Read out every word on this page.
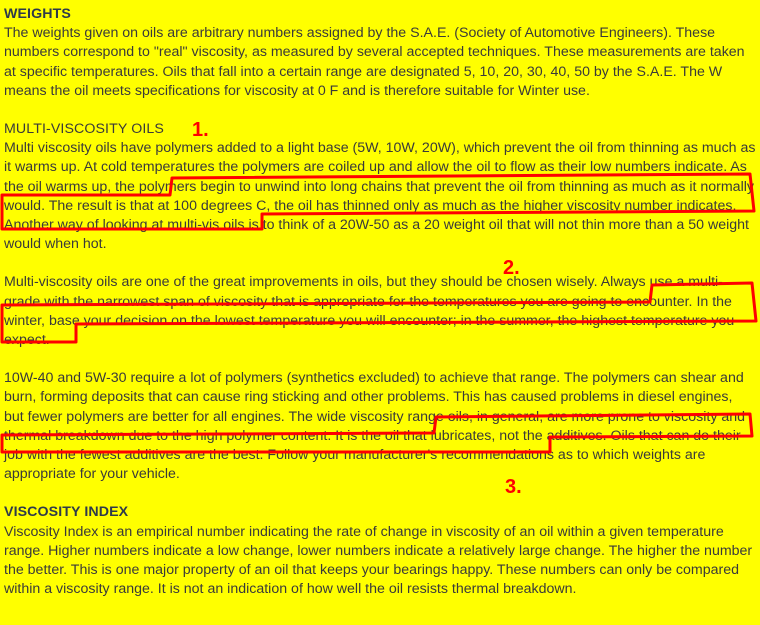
WEIGHTS

The weights given on oils are arbitrary numbers assigned by the S.A.E. (Society of Automotive Engineers). These numbers correspond to "real" viscosity, as measured by several accepted techniques. These measurements are taken at specific temperatures. Oils that fall into a certain range are designated 5, 10, 20, 30, 40, 50 by the S.A.E. The W means the oil meets specifications for viscosity at 0 F and is therefore suitable for Winter use.

MULTI-VISCOSITY OILS

Multi viscosity oils have polymers added to a light base (5W, 10W, 20W), which prevent the oil from thinning as much as it warms up. At cold temperatures the polymers are coiled up and allow the oil to flow as their low numbers indicate. As the oil warms up, the polymers begin to unwind into long chains that prevent the oil from thinning as much as it normally would. The result is that at 100 degrees C, the oil has thinned only as much as the higher viscosity number indicates. Another way of looking at multi-vis oils is to think of a 20W-50 as a 20 weight oil that will not thin more than a 50 weight would when hot.

Multi-viscosity oils are one of the great improvements in oils, but they should be chosen wisely. Always use a multi-grade with the narrowest span of viscosity that is appropriate for the temperatures you are going to encounter. In the winter, base your decision on the lowest temperature you will encounter; in the summer, the highest temperature you expect.

10W-40 and 5W-30 require a lot of polymers (synthetics excluded) to achieve that range. The polymers can shear and burn, forming deposits that can cause ring sticking and other problems. This has caused problems in diesel engines, but fewer polymers are better for all engines. The wide viscosity range oils, in general, are more prone to viscosity and thermal breakdown due to the high polymer content. It is the oil that lubricates, not the additives. Oils that can do their job with the fewest additives are the best. Follow your manufacturer's recommendations as to which weights are appropriate for your vehicle.

VISCOSITY INDEX

Viscosity Index is an empirical number indicating the rate of change in viscosity of an oil within a given temperature range. Higher numbers indicate a low change, lower numbers indicate a relatively large change. The higher the number the better. This is one major property of an oil that keeps your bearings happy. These numbers can only be compared within a viscosity range. It is not an indication of how well the oil resists thermal breakdown.

1.
2.
3.
